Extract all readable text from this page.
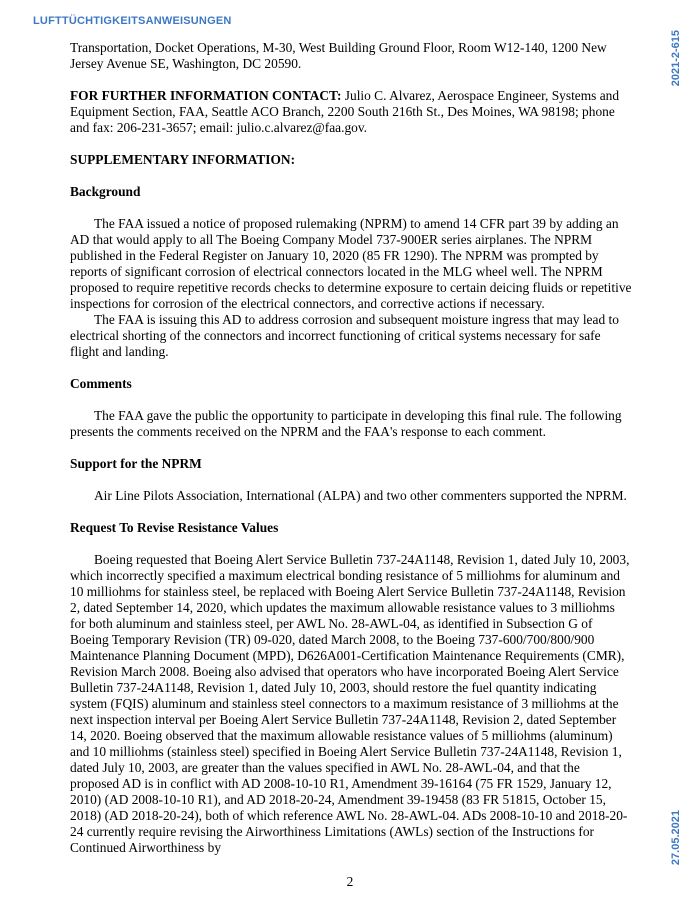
LUFTTÜCHTIGKEITSANWEISUNGEN
2021-2-615
27.05.2021

Transportation, Docket Operations, M-30, West Building Ground Floor, Room W12-140, 1200 New Jersey Avenue SE, Washington, DC 20590.

FOR FURTHER INFORMATION CONTACT: Julio C. Alvarez, Aerospace Engineer, Systems and Equipment Section, FAA, Seattle ACO Branch, 2200 South 216th St., Des Moines, WA 98198; phone and fax: 206-231-3657; email: julio.c.alvarez@faa.gov.

SUPPLEMENTARY INFORMATION:
Background

The FAA issued a notice of proposed rulemaking (NPRM) to amend 14 CFR part 39 by adding an AD that would apply to all The Boeing Company Model 737-900ER series airplanes. The NPRM published in the Federal Register on January 10, 2020 (85 FR 1290). The NPRM was prompted by reports of significant corrosion of electrical connectors located in the MLG wheel well. The NPRM proposed to require repetitive records checks to determine exposure to certain deicing fluids or repetitive inspections for corrosion of the electrical connectors, and corrective actions if necessary.

The FAA is issuing this AD to address corrosion and subsequent moisture ingress that may lead to electrical shorting of the connectors and incorrect functioning of critical systems necessary for safe flight and landing.

Comments

The FAA gave the public the opportunity to participate in developing this final rule. The following presents the comments received on the NPRM and the FAA's response to each comment.

Support for the NPRM

Air Line Pilots Association, International (ALPA) and two other commenters supported the NPRM.

Request To Revise Resistance Values

Boeing requested that Boeing Alert Service Bulletin 737-24A1148, Revision 1, dated July 10, 2003, which incorrectly specified a maximum electrical bonding resistance of 5 milliohms for aluminum and 10 milliohms for stainless steel, be replaced with Boeing Alert Service Bulletin 737-24A1148, Revision 2, dated September 14, 2020, which updates the maximum allowable resistance values to 3 milliohms for both aluminum and stainless steel, per AWL No. 28-AWL-04, as identified in Subsection G of Boeing Temporary Revision (TR) 09-020, dated March 2008, to the Boeing 737-600/700/800/900 Maintenance Planning Document (MPD), D626A001-Certification Maintenance Requirements (CMR), Revision March 2008. Boeing also advised that operators who have incorporated Boeing Alert Service Bulletin 737-24A1148, Revision 1, dated July 10, 2003, should restore the fuel quantity indicating system (FQIS) aluminum and stainless steel connectors to a maximum resistance of 3 milliohms at the next inspection interval per Boeing Alert Service Bulletin 737-24A1148, Revision 2, dated September 14, 2020. Boeing observed that the maximum allowable resistance values of 5 milliohms (aluminum) and 10 milliohms (stainless steel) specified in Boeing Alert Service Bulletin 737-24A1148, Revision 1, dated July 10, 2003, are greater than the values specified in AWL No. 28-AWL-04, and that the proposed AD is in conflict with AD 2008-10-10 R1, Amendment 39-16164 (75 FR 1529, January 12, 2010) (AD 2008-10-10 R1), and AD 2018-20-24, Amendment 39-19458 (83 FR 51815, October 15, 2018) (AD 2018-20-24), both of which reference AWL No. 28-AWL-04. ADs 2008-10-10 and 2018-20-24 currently require revising the Airworthiness Limitations (AWLs) section of the Instructions for Continued Airworthiness by

2
